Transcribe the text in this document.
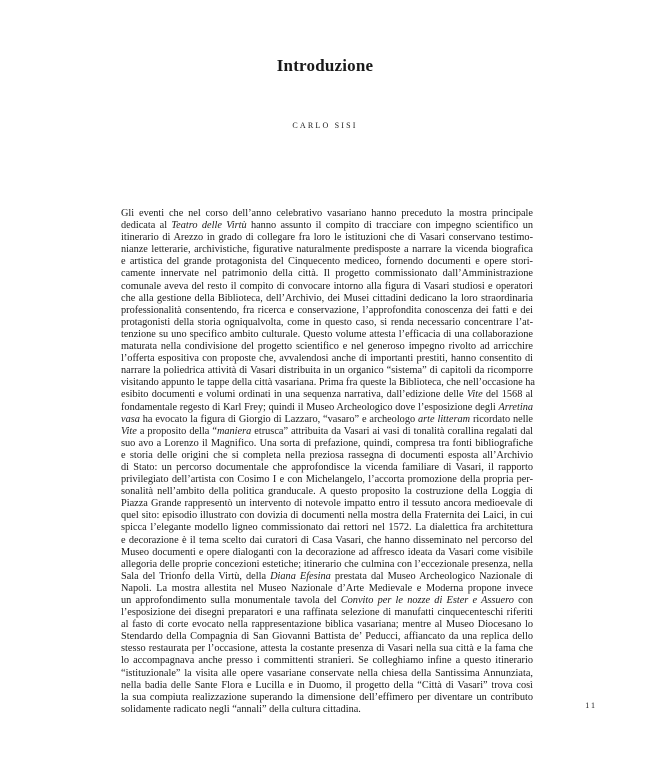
Introduzione
CARLO SISI
Gli eventi che nel corso dell’anno celebrativo vasariano hanno preceduto la mostra principale
dedicata al Teatro delle Virtù hanno assunto il compito di tracciare con impegno scientifico un
itinerario di Arezzo in grado di collegare fra loro le istituzioni che di Vasari conservano testimo-
nianze letterarie, archivistiche, figurative naturalmente predisposte a narrare la vicenda biografica
e artistica del grande protagonista del Cinquecento mediceo, fornendo documenti e opere stori-
camente innervate nel patrimonio della città. Il progetto commissionato dall’Amministrazione
comunale aveva del resto il compito di convocare intorno alla figura di Vasari studiosi e operatori
che alla gestione della Biblioteca, dell’Archivio, dei Musei cittadini dedicano la loro straordinaria
professionalità consentendo, fra ricerca e conservazione, l’approfondita conoscenza dei fatti e dei
protagonisti della storia ogniqualvolta, come in questo caso, si renda necessario concentrare l’at-
tenzione su uno specifico ambito culturale. Questo volume attesta l’efficacia di una collaborazione
maturata nella condivisione del progetto scientifico e nel generoso impegno rivolto ad arricchire
l’offerta espositiva con proposte che, avvalendosi anche di importanti prestiti, hanno consentito di
narrare la poliedrica attività di Vasari distribuita in un organico “sistema” di capitoli da ricomporre
visitando appunto le tappe della città vasariana. Prima fra queste la Biblioteca, che nell’occasione ha
esibito documenti e volumi ordinati in una sequenza narrativa, dall’edizione delle Vite del 1568 al
fondamentale regesto di Karl Frey; quindi il Museo Archeologico dove l’esposizione degli Arretina
vasa ha evocato la figura di Giorgio di Lazzaro, “vasaro” e archeologo arte litteram ricordato nelle
Vite a proposito della “maniera etrusca” attribuita da Vasari ai vasi di tonalità corallina regalati dal
suo avo a Lorenzo il Magnifico. Una sorta di prefazione, quindi, compresa tra fonti bibliografiche
e storia delle origini che si completa nella preziosa rassegna di documenti esposta all’Archivio
di Stato: un percorso documentale che approfondisce la vicenda familiare di Vasari, il rapporto
privilegiato dell’artista con Cosimo I e con Michelangelo, l’accorta promozione della propria per-
sonalità nell’ambito della politica granducale. A questo proposito la costruzione della Loggia di
Piazza Grande rappresentò un intervento di notevole impatto entro il tessuto ancora medioevale di
quel sito: episodio illustrato con dovizia di documenti nella mostra della Fraternita dei Laici, in cui
spicca l’elegante modello ligneo commissionato dai rettori nel 1572. La dialettica fra architettura
e decorazione è il tema scelto dai curatori di Casa Vasari, che hanno disseminato nel percorso del
Museo documenti e opere dialoganti con la decorazione ad affresco ideata da Vasari come visibile
allegoria delle proprie concezioni estetiche; itinerario che culmina con l’eccezionale presenza, nella
Sala del Trionfo della Virtù, della Diana Efesina prestata dal Museo Archeologico Nazionale di
Napoli. La mostra allestita nel Museo Nazionale d’Arte Medievale e Moderna propone invece
un approfondimento sulla monumentale tavola del Convito per le nozze di Ester e Assuero con
l’esposizione dei disegni preparatori e una raffinata selezione di manufatti cinquecenteschi riferiti
al fasto di corte evocato nella rappresentazione biblica vasariana; mentre al Museo Diocesano lo
Stendardo della Compagnia di San Giovanni Battista de’ Peducci, affiancato da una replica dello
stesso restaurata per l’occasione, attesta la costante presenza di Vasari nella sua città e la fama che
lo accompagnava anche presso i committenti stranieri. Se colleghiamo infine a questo itinerario
“istituzionale” la visita alle opere vasariane conservate nella chiesa della Santissima Annunziata,
nella badia delle Sante Flora e Lucilla e in Duomo, il progetto della “Città di Vasari” trova così
la sua compiuta realizzazione superando la dimensione dell’effimero per diventare un contributo
solidamente radicato negli “annali” della cultura cittadina.	11
